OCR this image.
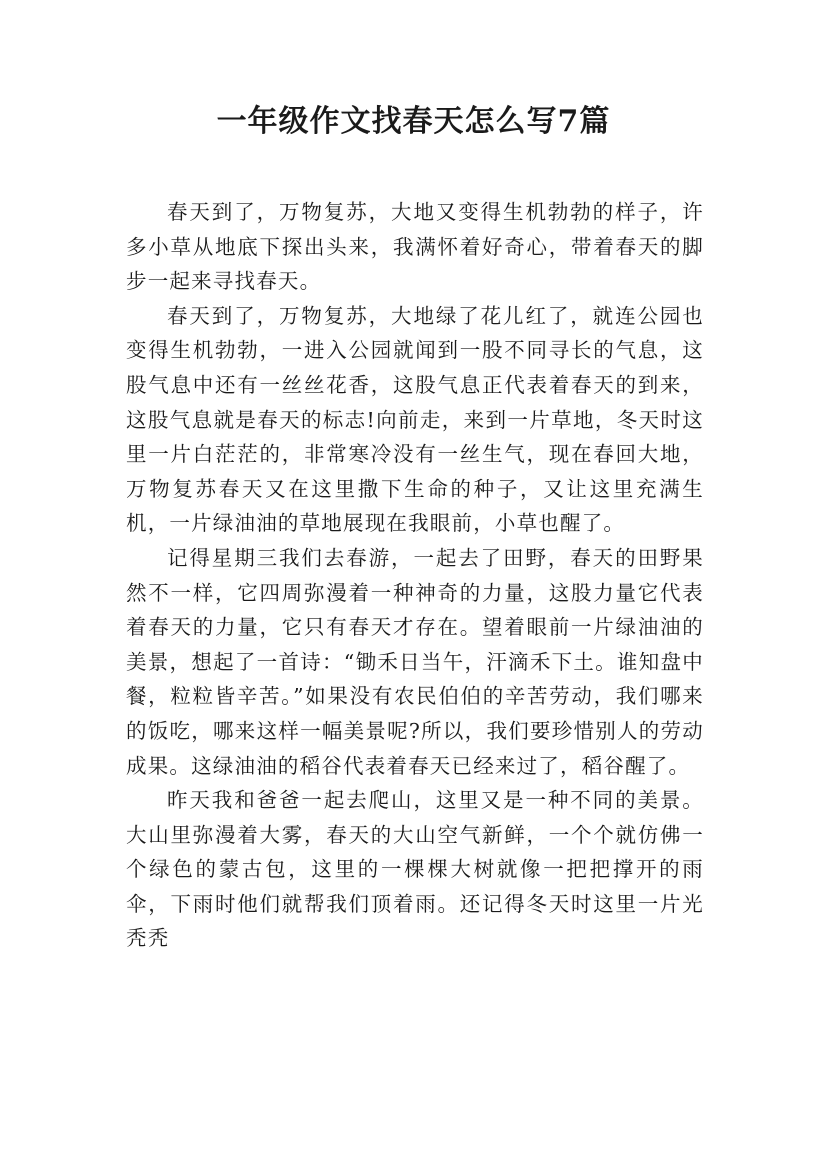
一年级作文找春天怎么写7篇

春天到了，万物复苏，大地又变得生机勃勃的样子，许多小草从地底下探出头来，我满怀着好奇心，带着春天的脚步一起来寻找春天。

春天到了，万物复苏，大地绿了花儿红了，就连公园也变得生机勃勃，一进入公园就闻到一股不同寻长的气息，这股气息中还有一丝丝花香，这股气息正代表着春天的到来，这股气息就是春天的标志!向前走，来到一片草地，冬天时这里一片白茫茫的，非常寒冷没有一丝生气，现在春回大地，万物复苏春天又在这里撒下生命的种子，又让这里充满生机，一片绿油油的草地展现在我眼前，小草也醒了。

记得星期三我们去春游，一起去了田野，春天的田野果然不一样，它四周弥漫着一种神奇的力量，这股力量它代表着春天的力量，它只有春天才存在。望着眼前一片绿油油的美景，想起了一首诗：“锄禾日当午，汗滴禾下土。谁知盘中餐，粒粒皆辛苦。”如果没有农民伯伯的辛苦劳动，我们哪来的饭吃，哪来这样一幅美景呢?所以，我们要珍惜别人的劳动成果。这绿油油的稻谷代表着春天已经来过了，稻谷醒了。

昨天我和爸爸一起去爬山，这里又是一种不同的美景。大山里弥漫着大雾，春天的大山空气新鲜，一个个就仿佛一个绿色的蒙古包，这里的一棵棵大树就像一把把撑开的雨伞，下雨时他们就帮我们顶着雨。还记得冬天时这里一片光秃秃
